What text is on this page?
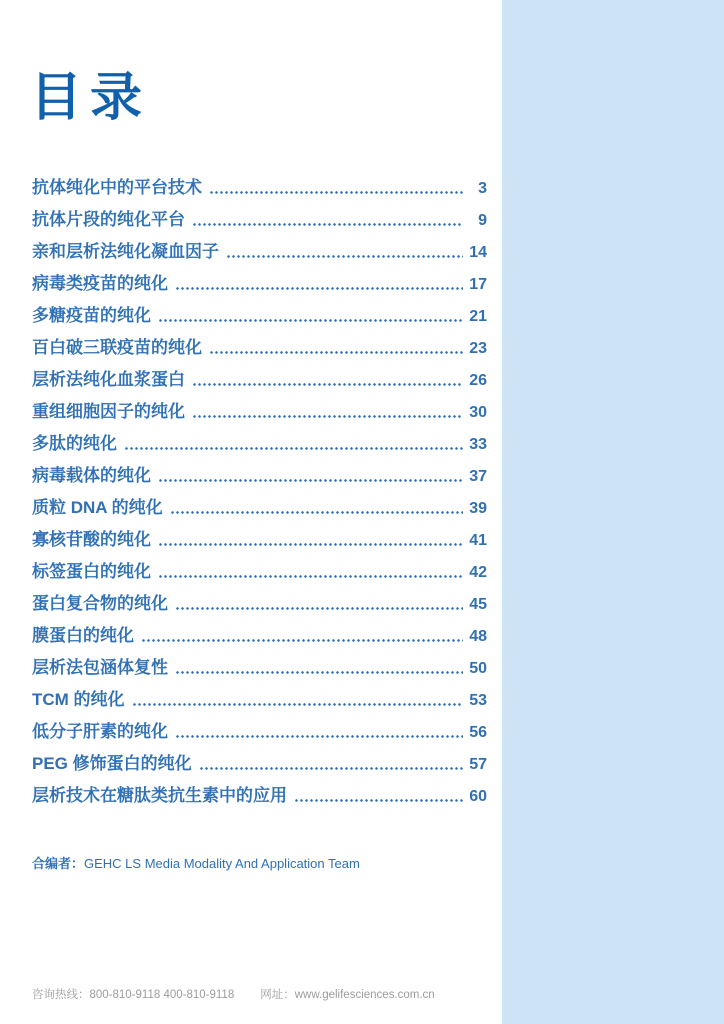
目录
抗体纯化中的平台技术	3
抗体片段的纯化平台	9
亲和层析法纯化凝血因子	14
病毒类疫苗的纯化	17
多糖疫苗的纯化	21
百白破三联疫苗的纯化	23
层析法纯化血浆蛋白	26
重组细胞因子的纯化	30
多肽的纯化	33
病毒载体的纯化	37
质粒 DNA 的纯化	39
寡核苷酸的纯化	41
标签蛋白的纯化	42
蛋白复合物的纯化	45
膜蛋白的纯化	48
层析法包涵体复性	50
TCM 的纯化	53
低分子肝素的纯化	56
PEG 修饰蛋白的纯化	57
层析技术在糖肽类抗生素中的应用	60

合编者：GEHC LS Media Modality And Application Team

咨询热线：800-810-9118 400-810-9118 网址：www.gelifesciences.com.cn
